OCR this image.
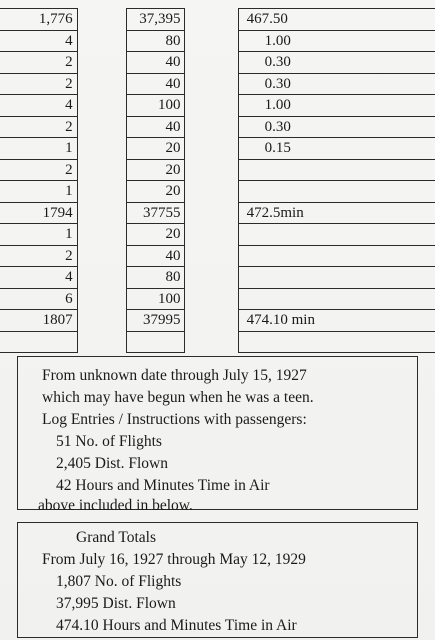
1,776		37,395		467.50
4		80		1.00
2		40		0.30
2		40		0.30
4		100		1.00
2		40		0.30
1		20		0.15
2		20		
1		20		
1794		37755		472.5min
1		20		
2		40		
4		80		
6		100		
1807		37995		474.10 min

From unknown date through July 15, 1927
which may have begun when he was a teen.
Log Entries / Instructions with passengers:
51 No. of Flights
2,405 Dist. Flown
42 Hours and Minutes Time in Air
above included in below.
Grand Totals
From July 16, 1927 through May 12, 1929
1,807 No. of Flights
37,995 Dist. Flown
474.10 Hours and Minutes Time in Air
